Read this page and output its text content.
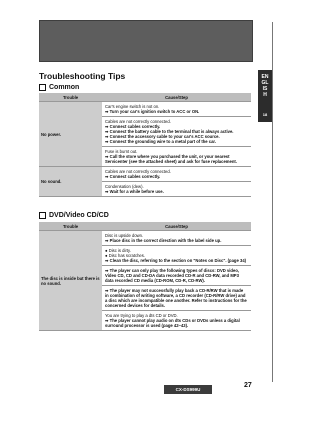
ENGLISH
18
Troubleshooting Tips
Common
Trouble	Cause/Step
No power.	Car's engine switch is not on.
➡ Turn your car's ignition switch to ACC or ON.

	Cables are not correctly connected.
➡ Connect cables correctly.
➡ Connect the battery cable to the terminal that is always active.
➡ Connect the accessory cable to your car's ACC source.
➡ Connect the grounding wire to a metal part of the car.

	Fuse is burnt out.
➡ Call the store where you purchased the unit, or your nearest Servicenter (see the attached sheet) and ask for fuse replacement.

No sound.	Cables are not correctly connected.
➡ Connect cables correctly.

	Condensation (dew).
➡ Wait for a while before use.
DVD/Video CD/CD
Trouble	Cause/Step
The disc is inside but there is no sound.	Disc is upside down.
➡ Place disc in the correct direction with the label side up.

	● Disc is dirty.
● Disc has scratches.
➡ Clean the disc, referring to the section on "Notes on Disc". (page 34)

	➡ The player can only play the following types of discs: DVD video, Video CD, CD and CD-DA data recorded CD-R and CD-RW, and MP3 data recorded CD media (CD-ROM, CD-R, CD-RW).

	➡ The player may not successfully play back a CD-R/RW that is made in combination of writing software, a CD recorder (CD-R/RW drive) and a disc which are incompatible one another. Refer to instructions for the concerned devices for details.

	You are trying to play a dts CD or DVD.
➡ The player cannot play audio on dts CDs or DVDs unless a digital surround processor is used (page 42~43).
27
CX-DS999U
